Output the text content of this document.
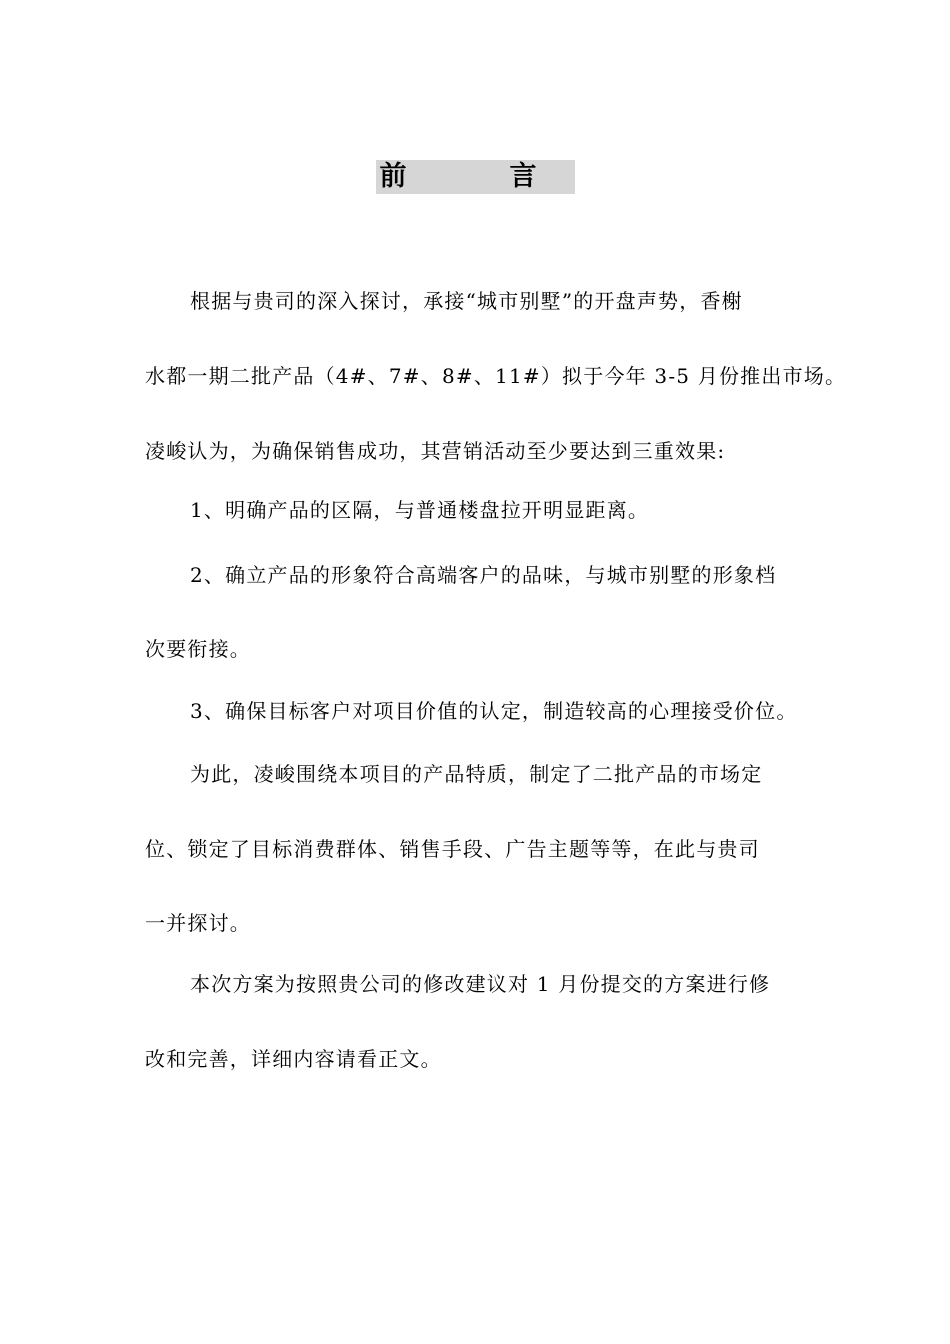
前　言
根据与贵司的深入探讨，承接“城市别墅”的开盘声势，香榭
水都一期二批产品（4#、7#、8#、11#）拟于今年 3-5 月份推出市场。
凌峻认为，为确保销售成功，其营销活动至少要达到三重效果:
1、明确产品的区隔，与普通楼盘拉开明显距离。
2、确立产品的形象符合高端客户的品味，与城市别墅的形象档
次要衔接。
3、确保目标客户对项目价值的认定，制造较高的心理接受价位。
为此，凌峻围绕本项目的产品特质，制定了二批产品的市场定
位、锁定了目标消费群体、销售手段、广告主题等等，在此与贵司
一并探讨。
本次方案为按照贵公司的修改建议对 1 月份提交的方案进行修
改和完善，详细内容请看正文。
